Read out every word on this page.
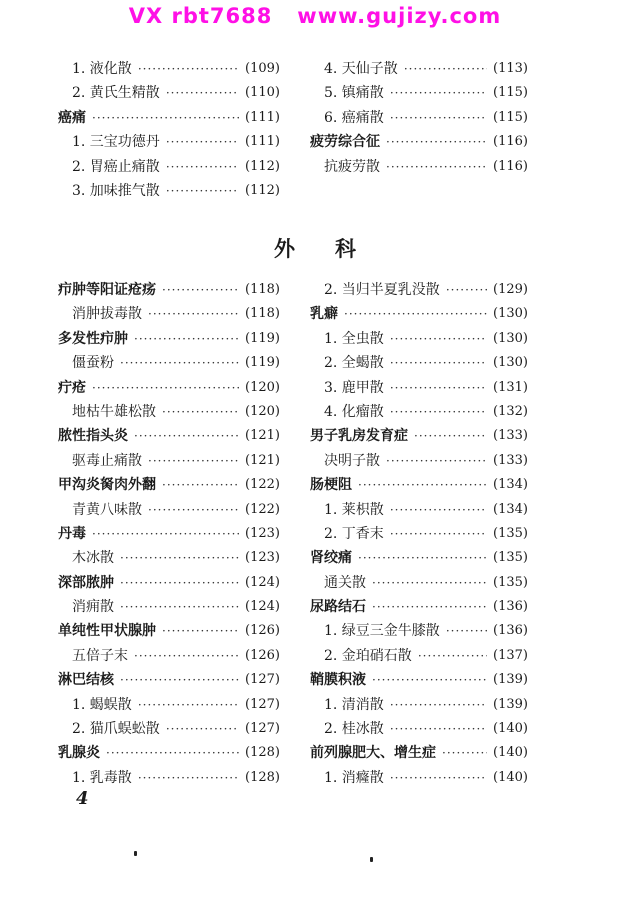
VX rbt7688   www.gujizy.com
1. 液化散 ·····	(109)
2. 黄氏生精散 ·····	(110)
癌痛 ·····	(111)
1. 三宝功德丹 ·····	(111)
2. 胃癌止痛散 ·····	(112)
3. 加味推气散 ·····	(112)
4. 天仙子散 ·····	(113)
5. 镇痛散 ·····	(115)
6. 癌痛散 ·····	(115)
疲劳综合征 ·····	(116)
抗疲劳散 ·····	(116)
外科
疖肿等阳证疮疡 ·····	(118)
消肿拔毒散 ·····	(118)
多发性疖肿 ·····	(119)
僵蚕粉 ·····	(119)
疔疮 ·····	(120)
地枯牛雄松散 ·····	(120)
脓性指头炎 ·····	(121)
驱毒止痛散 ·····	(121)
甲沟炎胬肉外翻 ·····	(122)
青黄八味散 ·····	(122)
丹毒 ·····	(123)
木冰散 ·····	(123)
深部脓肿 ·····	(124)
消痈散 ·····	(124)
单纯性甲状腺肿 ·····	(126)
五倍子末 ·····	(126)
淋巴结核 ·····	(127)
1. 蝎蜈散 ·····	(127)
2. 猫爪蜈蚣散 ·····	(127)
乳腺炎 ·····	(128)
1. 乳毒散 ·····	(128)
2. 当归半夏乳没散 ·····	(129)
乳癖 ·····	(130)
1. 全虫散 ·····	(130)
2. 全蝎散 ·····	(130)
3. 鹿甲散 ·····	(131)
4. 化瘤散 ·····	(132)
男子乳房发育症 ·····	(133)
决明子散 ·····	(133)
肠梗阻 ·····	(134)
1. 莱枳散 ·····	(134)
2. 丁香末 ·····	(135)
肾绞痛 ·····	(135)
通关散 ·····	(135)
尿路结石 ·····	(136)
1. 绿豆三金牛膝散 ·····	(136)
2. 金珀硝石散 ·····	(137)
鞘膜积液 ·····	(139)
1. 清消散 ·····	(139)
2. 桂冰散 ·····	(140)
前列腺肥大、增生症 ·····	(140)
1. 消癃散 ·····	(140)
4
